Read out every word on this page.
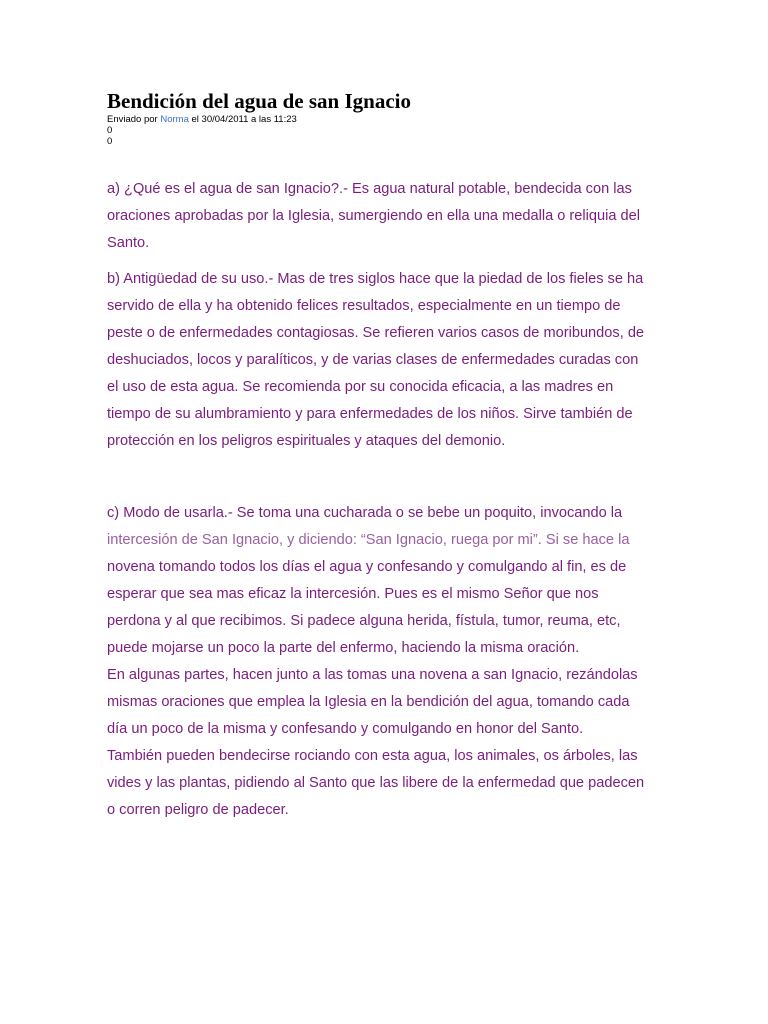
Bendición del agua de san Ignacio
Enviado por Norma el 30/04/2011 a las 11:23
0
0
a) ¿Qué es el agua de san Ignacio?.- Es agua natural potable, bendecida con las
oraciones aprobadas por la Iglesia, sumergiendo en ella una medalla o reliquia del
Santo.
b) Antigüedad de su uso.- Mas de tres siglos hace que la piedad de los fieles se ha
servido de ella y ha obtenido felices resultados, especialmente en un tiempo de
peste o de enfermedades contagiosas. Se refieren varios casos de moribundos, de
deshuciados, locos y paralíticos, y de varias clases de enfermedades curadas con
el uso de esta agua. Se recomienda por su conocida eficacia, a las madres en
tiempo de su alumbramiento y para enfermedades de los niños. Sirve también de
protección en los peligros espirituales y ataques del demonio.
c) Modo de usarla.- Se toma una cucharada o se bebe un poquito, invocando la
intercesión de San Ignacio, y diciendo: “San Ignacio, ruega por mi”. Si se hace la
novena tomando todos los días el agua y confesando y comulgando al fin, es de
esperar que sea mas eficaz la intercesión. Pues es el mismo Señor que nos
perdona y al que recibimos. Si padece alguna herida, fístula, tumor, reuma, etc,
puede mojarse un poco la parte del enfermo, haciendo la misma oración.
En algunas partes, hacen junto a las tomas una novena a san Ignacio, rezándolas
mismas oraciones que emplea la Iglesia en la bendición del agua, tomando cada
día un poco de la misma y confesando y comulgando en honor del Santo.
También pueden bendecirse rociando con esta agua, los animales, os árboles, las
vides y las plantas, pidiendo al Santo que las libere de la enfermedad que padecen
o corren peligro de padecer.
